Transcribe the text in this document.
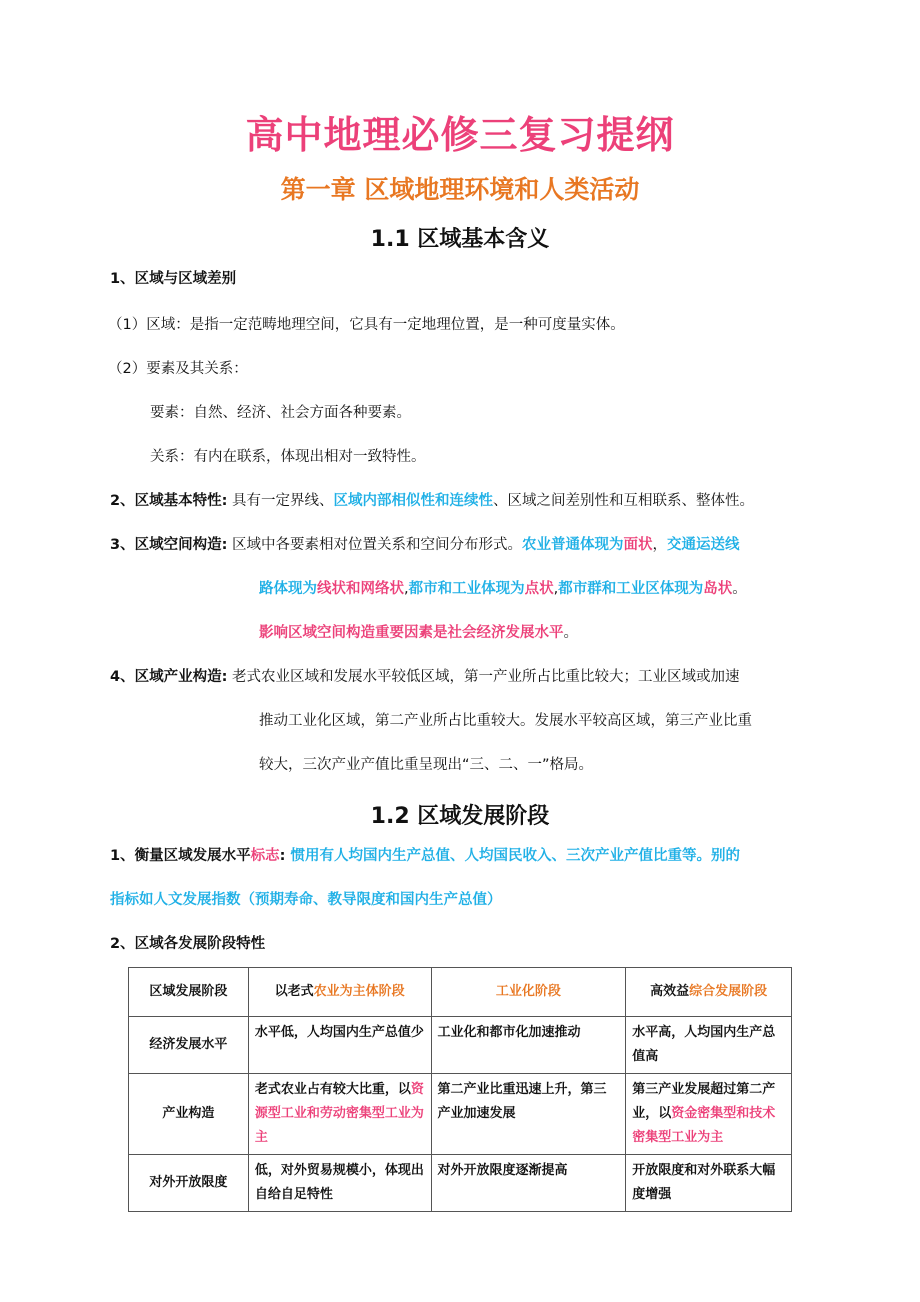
高中地理必修三复习提纲
第一章 区域地理环境和人类活动
1.1 区域基本含义
1、区域与区域差别
（1）区域：是指一定范畴地理空间，它具有一定地理位置，是一种可度量实体。
（2）要素及其关系：
要素：自然、经济、社会方面各种要素。
关系：有内在联系，体现出相对一致特性。
2、区域基本特性: 具有一定界线、区域内部相似性和连续性、区域之间差别性和互相联系、整体性。
3、区域空间构造: 区域中各要素相对位置关系和空间分布形式。农业普通体现为面状，交通运送线
路体现为线状和网络状,都市和工业体现为点状,都市群和工业区体现为岛状。
影响区域空间构造重要因素是社会经济发展水平。
4、区域产业构造: 老式农业区域和发展水平较低区域，第一产业所占比重比较大；工业区域或加速
推动工业化区域，第二产业所占比重较大。发展水平较高区域，第三产业比重
较大，三次产业产值比重呈现出“三、二、一”格局。
1.2 区域发展阶段
1、衡量区域发展水平标志: 惯用有人均国内生产总值、人均国民收入、三次产业产值比重等。别的
指标如人文发展指数（预期寿命、教导限度和国内生产总值）
2、区域各发展阶段特性
区域发展阶段	以老式农业为主体阶段	工业化阶段	高效益综合发展阶段
经济发展水平	水平低，人均国内生产总值少	工业化和都市化加速推动	水平高，人均国内生产总值高
产业构造	老式农业占有较大比重，以资源型工业和劳动密集型工业为主	第二产业比重迅速上升，第三产业加速发展	第三产业发展超过第二产业，以资金密集型和技术密集型工业为主
对外开放限度	低，对外贸易规模小，体现出自给自足特性	对外开放限度逐渐提高	开放限度和对外联系大幅度增强
